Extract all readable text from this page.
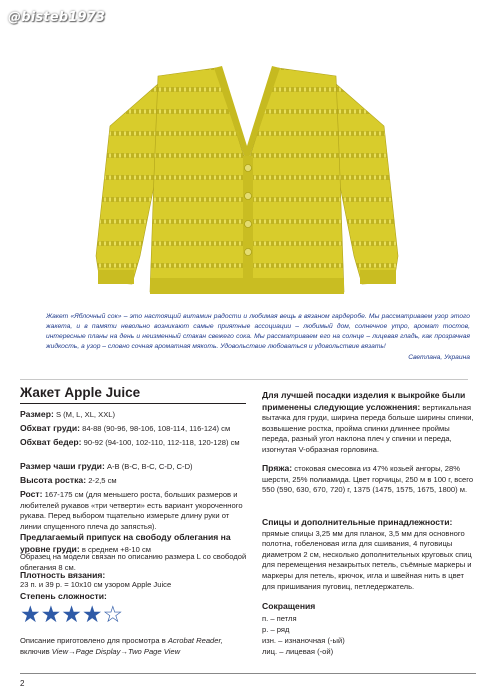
@bisteb1973
Жакет «Яблочный сок» – это настоящий витамин радости и любимая вещь в вязаном гардеробе. Мы рассматриваем узор этого жакета, и в памяти невольно возникают самые приятные ассоциации – любимый дом, солнечное утро, аромат тостов, интересные планы на день и неизменный стакан свежего сока. Мы рассматриваем его на солнце – лицевая гладь, как прозрачная жидкость, а узор – словно сочная ароматная мякоть. Удовольствие любоваться и удовольствие вязать!
Светлана, Украина
Жакет Apple Juice
Размер: S (M, L, XL, XXL)
Обхват груди: 84-88 (90-96, 98-106, 108-114, 116-124) см
Обхват бедер: 90-92 (94-100, 102-110, 112-118, 120-128) см
Размер чаши груди: A-B (B-C, B-C, C-D, C-D)
Высота ростка: 2-2,5 см
Рост: 167-175 см (для меньшего роста, больших размеров и любителей рукавов «три четверти» есть вариант укороченного рукава. Перед выбором тщательно измерьте длину руки от линии спущенного плеча до запястья).
Предлагаемый припуск на свободу облегания на уровне груди: в среднем +8-10 см
Образец на модели связан по описанию размера L со свободой облегания 8 см.
Плотность вязания:
23 п. и 39 р. = 10x10 см узором Apple Juice
Степень сложности:
★★★★☆
Описание приготовлено для просмотра в Acrobat Reader,
включив View→Page Display→Two Page View
Для лучшей посадки изделия к выкройке были применены следующие усложнения: вертикальная вытачка для груди, ширина переда больше ширины спинки, возвышение ростка, пройма спинки длиннее проймы переда, разный угол наклона плеч у спинки и переда, изогнутая V-образная горловина.
Пряжа: стоковая смесовка из 47% козьей ангоры, 28% шерсти, 25% полиамида. Цвет горчицы, 250 м в 100 г, всего 550 (590, 630, 670, 720) г, 1375 (1475, 1575, 1675, 1800) м.
Спицы и дополнительные принадлежности: прямые спицы 3,25 мм для планок, 3,5 мм для основного полотна, гобеленовая игла для сшивания, 4 пуговицы диаметром 2 см, несколько дополнительных круговых спиц для перемещения незакрытых петель, съёмные маркеры и маркеры для петель, крючок, игла и швейная нить в цвет для пришивания пуговиц, петледержатель.
Сокращения
п. – петля
р. – ряд
изн. – изнаночная (-ый)
лиц. – лицевая (-ой)
2
